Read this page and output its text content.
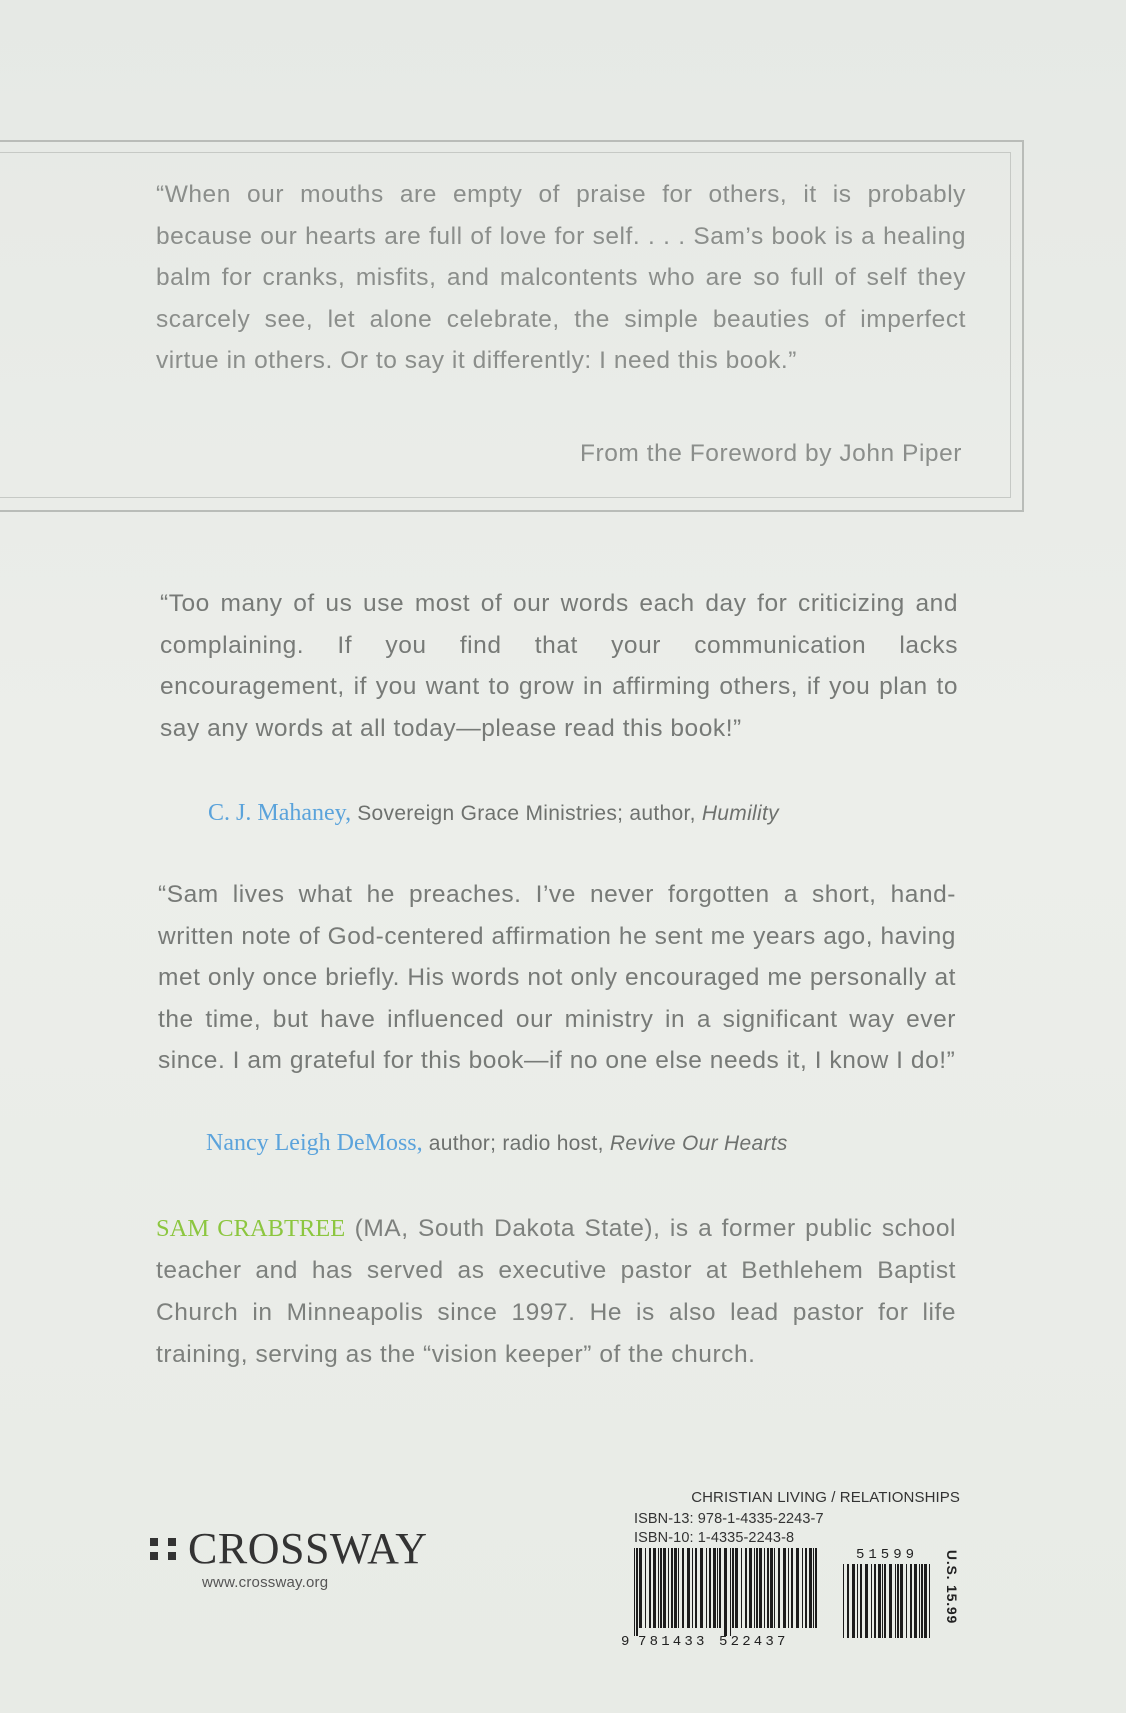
“When our mouths are empty of praise for others, it is probably because our hearts are full of love for self. . . . Sam’s book is a healing balm for cranks, misfits, and malcontents who are so full of self they scarcely see, let alone celebrate, the simple beauties of imperfect virtue in others. Or to say it differently: I need this book.”
From the Foreword by John Piper
“Too many of us use most of our words each day for criticizing and complaining. If you find that your communication lacks encouragement, if you want to grow in affirming others, if you plan to say any words at all today—please read this book!”
C. J. Mahaney, Sovereign Grace Ministries; author, Humility
“Sam lives what he preaches. I’ve never forgotten a short, hand-written note of God-centered affirmation he sent me years ago, having met only once briefly. His words not only encouraged me personally at the time, but have influenced our ministry in a significant way ever since. I am grateful for this book—if no one else needs it, I know I do!”
Nancy Leigh DeMoss, author; radio host, Revive Our Hearts
SAM CRABTREE (MA, South Dakota State), is a former public school teacher and has served as executive pastor at Bethlehem Baptist Church in Minneapolis since 1997. He is also lead pastor for life training, serving as the “vision keeper” of the church.
CROSSWAY
www.crossway.org
CHRISTIAN LIVING / RELATIONSHIPS
ISBN-13: 978-1-4335-2243-7
ISBN-10: 1-4335-2243-8
9 781433 522437
51599 U.S. 15.99
